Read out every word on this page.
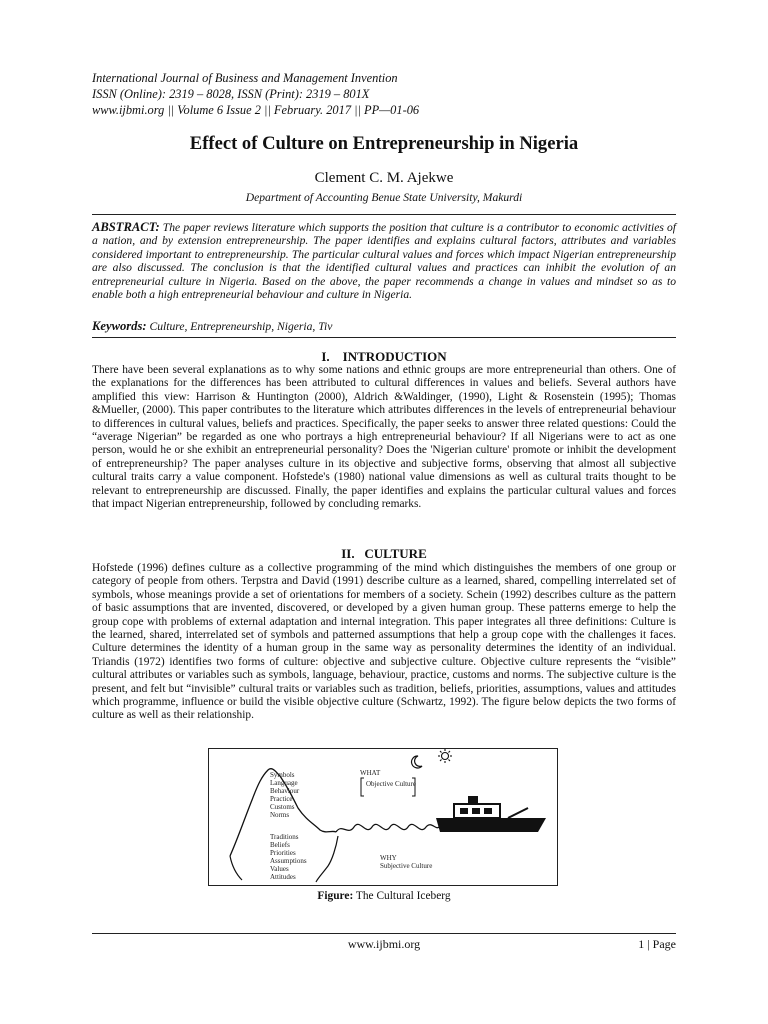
International Journal of Business and Management Invention
ISSN (Online): 2319 – 8028, ISSN (Print): 2319 – 801X
www.ijbmi.org || Volume 6 Issue 2 || February. 2017 || PP—01-06
Effect of Culture on Entrepreneurship in Nigeria
Clement C. M. Ajekwe
Department of Accounting Benue State University, Makurdi
ABSTRACT: The paper reviews literature which supports the position that culture is a contributor to economic activities of a nation, and by extension entrepreneurship. The paper identifies and explains cultural factors, attributes and variables considered important to entrepreneurship. The particular cultural values and forces which impact Nigerian entrepreneurship are also discussed. The conclusion is that the identified cultural values and practices can inhibit the evolution of an entrepreneurial culture in Nigeria. Based on the above, the paper recommends a change in values and mindset so as to enable both a high entrepreneurial behaviour and culture in Nigeria.
Keywords: Culture, Entrepreneurship, Nigeria, Tiv
I.    INTRODUCTION
There have been several explanations as to why some nations and ethnic groups are more entrepreneurial than others. One of the explanations for the differences has been attributed to cultural differences in values and beliefs. Several authors have amplified this view: Harrison & Huntington (2000), Aldrich &Waldinger, (1990), Light & Rosenstein (1995); Thomas &Mueller, (2000). This paper contributes to the literature which attributes differences in the levels of entrepreneurial behaviour to differences in cultural values, beliefs and practices. Specifically, the paper seeks to answer three related questions: Could the “average Nigerian” be regarded as one who portrays a high entrepreneurial behaviour? If all Nigerians were to act as one person, would he or she exhibit an entrepreneurial personality? Does the 'Nigerian culture' promote or inhibit the development of entrepreneurship? The paper analyses culture in its objective and subjective forms, observing that almost all subjective cultural traits carry a value component. Hofstede's (1980) national value dimensions as well as cultural traits thought to be relevant to entrepreneurship are discussed. Finally, the paper identifies and explains the particular cultural values and forces that impact Nigerian entrepreneurship, followed by concluding remarks.
II.   CULTURE
Hofstede (1996) defines culture as a collective programming of the mind which distinguishes the members of one group or category of people from others. Terpstra and David (1991) describe culture as a learned, shared, compelling interrelated set of symbols, whose meanings provide a set of orientations for members of a society. Schein (1992) describes culture as the pattern of basic assumptions that are invented, discovered, or developed by a given human group. These patterns emerge to help the group cope with problems of external adaptation and internal integration. This paper integrates all three definitions: Culture is the learned, shared, interrelated set of symbols and patterned assumptions that help a group cope with the challenges it faces. Culture determines the identity of a human group in the same way as personality determines the identity of an individual. Triandis (1972) identifies two forms of culture: objective and subjective culture. Objective culture represents the “visible” cultural attributes or variables such as symbols, language, behaviour, practice, customs and norms. The subjective culture is the present, and felt but “invisible” cultural traits or variables such as tradition, beliefs, priorities, assumptions, values and attitudes which programme, influence or build the visible objective culture (Schwartz, 1992). The figure below depicts the two forms of culture as well as their relationship.
Symbols
Language
Behaviour
Practice
Customs
Norms
Traditions
Beliefs
Priorities
Assumptions
Values
Attitudes
WHAT
Objective Culture
WHY
Subjective Culture
Figure: The Cultural Iceberg
www.ijbmi.org	1 | Page
